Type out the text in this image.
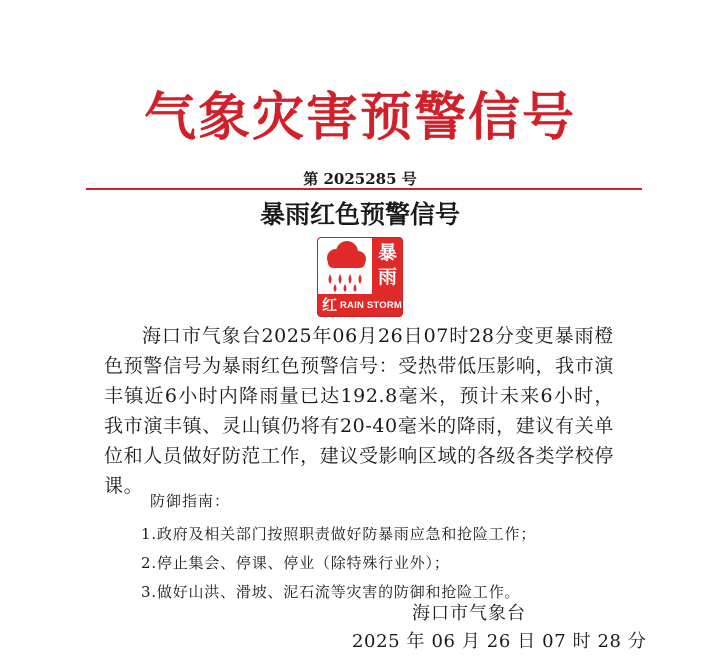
气象灾害预警信号
第 2025285 号
暴雨红色预警信号
暴
雨
红 RAIN STORM
海口市气象台2025年06月26日07时28分变更暴雨橙色预警信号为暴雨红色预警信号：受热带低压影响，我市演丰镇近6小时内降雨量已达192.8毫米，预计未来6小时，我市演丰镇、灵山镇仍将有20-40毫米的降雨，建议有关单位和人员做好防范工作，建议受影响区域的各级各类学校停课。
防御指南：
1.政府及相关部门按照职责做好防暴雨应急和抢险工作；
2.停止集会、停课、停业（除特殊行业外）；
3.做好山洪、滑坡、泥石流等灾害的防御和抢险工作。
海口市气象台
2025 年 06 月 26 日 07 时 28 分
